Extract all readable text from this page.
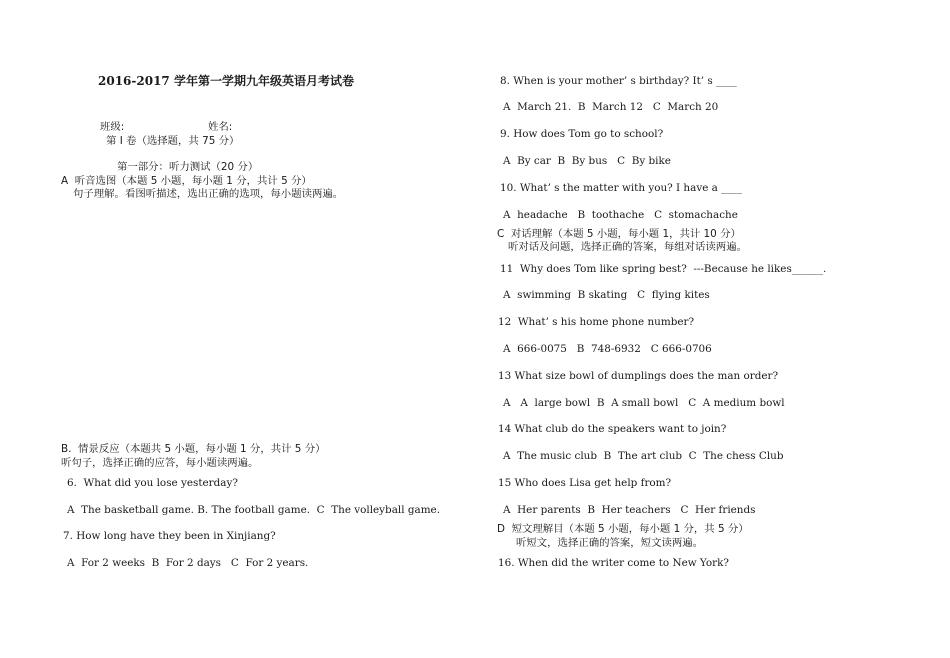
2016-2017 学年第一学期九年级英语月考试卷
班级:	姓名:
第 I 卷（选择题，共 75 分）
第一部分：听力测试（20 分）
A  听音选图（本题 5 小题，每小题 1 分，共计 5 分）
句子理解。看图听描述，选出正确的选项，每小题读两遍。
B.  情景反应（本题共 5 小题，每小题 1 分，共计 5 分）
听句子，选择正确的应答，每小题读两遍。
6.  What did you lose yesterday?
A  The basketball game. B. The football game.  C  The volleyball game.
7. How long have they been in Xinjiang?
A  For 2 weeks  B  For 2 days   C  For 2 years.
8. When is your mother’ s birthday? It’ s ____
A  March 21.  B  March 12   C  March 20
9. How does Tom go to school?
A  By car  B  By bus   C  By bike
10. What’ s the matter with you? I have a ____
A  headache   B  toothache   C  stomachache
C  对话理解（本题 5 小题，每小题 1，共计 10 分）
听对话及问题，选择正确的答案，每组对话读两遍。
11  Why does Tom like spring best?  ---Because he likes______.
A  swimming  B skating   C  flying kites
12  What’ s his home phone number?
A  666-0075   B  748-6932   C 666-0706
13 What size bowl of dumplings does the man order?
A   A  large bowl  B  A small bowl   C  A medium bowl
14 What club do the speakers want to join?
A  The music club  B  The art club  C  The chess Club
15 Who does Lisa get help from?
A  Her parents  B  Her teachers   C  Her friends
D  短文理解目（本题 5 小题，每小题 1 分，共 5 分）
听短文，选择正确的答案，短文读两遍。
16. When did the writer come to New York?
